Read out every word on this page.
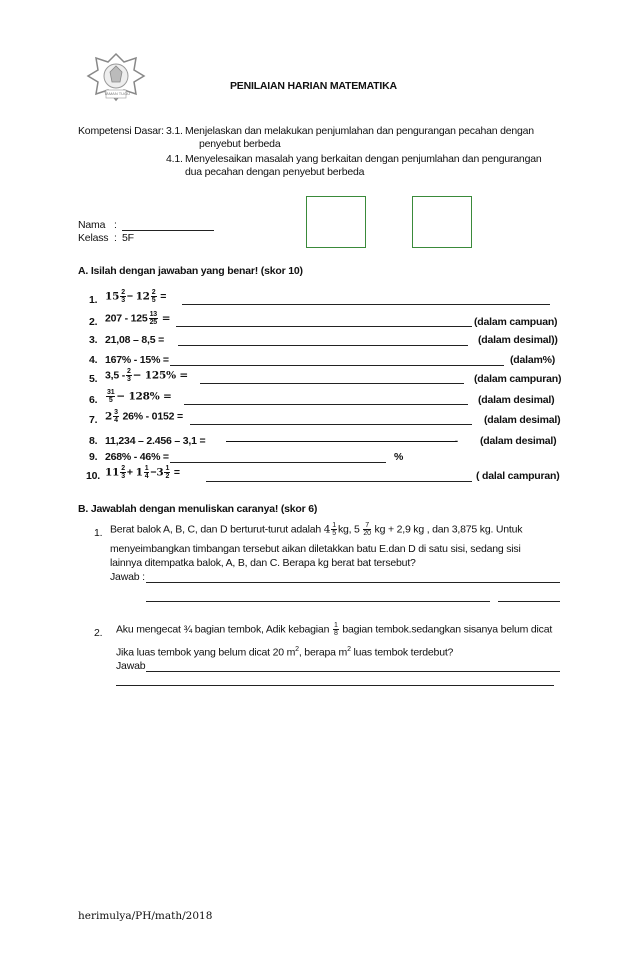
TAMAN TUGU
PENILAIAN HARIAN MATEMATIKA
Kompetensi Dasar: 3.1. Menjelaskan dan melakukan penjumlahan dan pengurangan pecahan dengan
penyebut berbeda
4.1. Menyelesaikan masalah yang berkaitan dengan penjumlahan dan pengurangan
dua pecahan dengan penyebut berbeda
Nama :
Kelass : 5F
A. Isilah dengan jawaban yang benar! (skor 10)
1. $15 \frac{2}{3} - 12 \frac{2}{5}$ =
2. $207 - 125 \frac{13}{25}$ =	(dalam campuan)
3. 21,08 – 8,5 =	(dalam desimal))
4. 167% - 15% =	(dalam%)
5. $3,5 - \frac{2}{3} - 125\%$ =	(dalam campuran)
6. $\frac{31}{5} - 128\%$ =	(dalam desimal)
7. $2 \frac{3}{4} 26\% - 0152$ =	(dalam desimal)
8. 11,234 – 2.456 – 3,1 = ——————————————————————————- (dalam desimal)
9. 268% - 46% =	%
10. $11 \frac{2}{3} + 1 \frac{1}{4} -3 \frac{1}{2}$ =	( dalal campuran)
B. Jawablah dengan menuliskan caranya! (skor 6)
1. Berat balok A, B, C, dan D berturut-turut adalah $4 \frac{1}{5}$ kg, $5 \frac{7}{20}$ kg + 2,9 kg , dan 3,875 kg. Untuk
menyeimbangkan timbangan tersebut aikan diletakkan batu E.dan D di satu sisi, sedang sisi
lainnya ditempatka balok, A, B, dan C. Berapa kg berat bat tersebut?
Jawab :
2. Aku mengecat ¾ bagian tembok, Adik kebagian $\frac{1}{8}$ bagian tembok.sedangkan sisanya belum dicat
Jika luas tembok yang belum dicat 20 $m^2$, berapa $m^2$ luas tembok terdebut?
Jawab
herimulya/PH/math/2018
